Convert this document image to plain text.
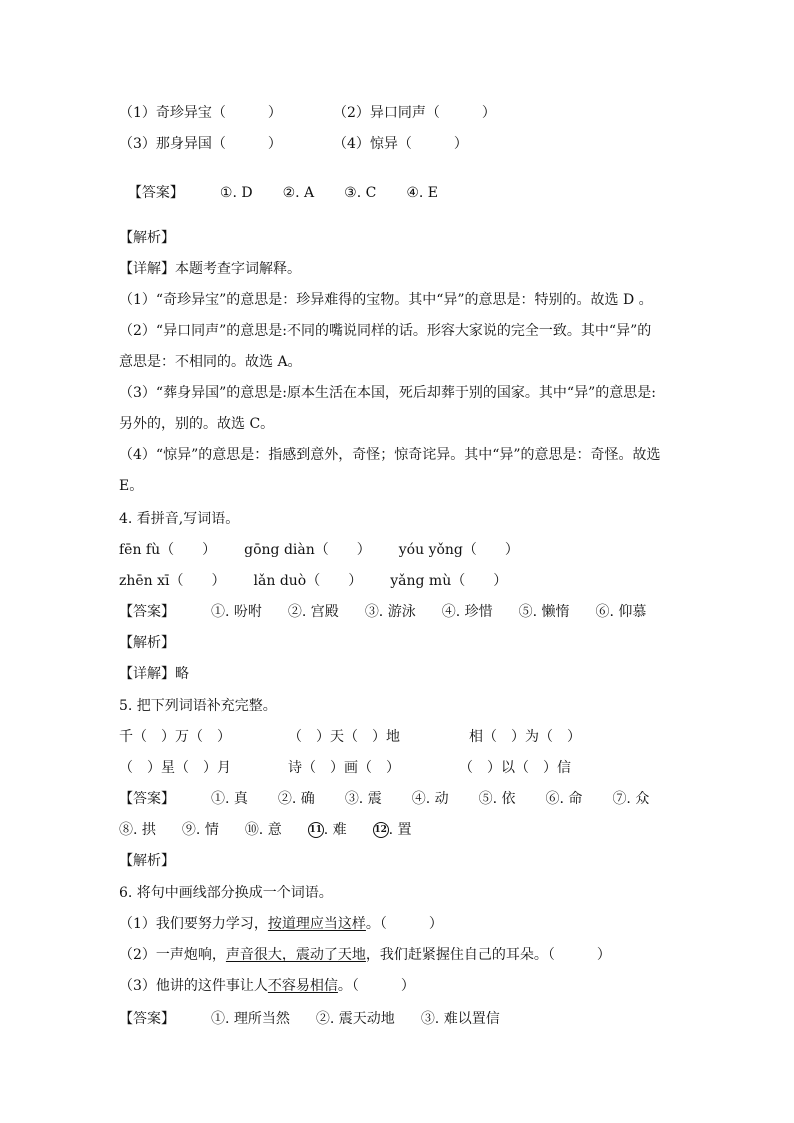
（1）奇珍异宝（　　　）	（2）异口同声（　　　）
（3）那身异国（　　　）	（4）惊异（　　　）

【答案】	①. D ②. A ③. C ④. E

【解析】
【详解】本题考查字词解释。
（1）“奇珍异宝”的意思是：珍异难得的宝物。其中“异”的意思是：特别的。故选 D 。
（2）“异口同声”的意思是:不同的嘴说同样的话。形容大家说的完全一致。其中“异”的
意思是：不相同的。故选 A。
（3）“葬身异国”的意思是:原本生活在本国，死后却葬于别的国家。其中“异”的意思是:
另外的，别的。故选 C。
（4）“惊异”的意思是：指感到意外，奇怪；惊奇诧异。其中“异”的意思是：奇怪。故选
E。
4. 看拼音,写词语。
fēn fù（　　） gōng diàn（　　） yóu yǒng（　　）
zhēn xī（　　） lǎn duò（　　） yǎng mù（　　）
【答案】	①. 吩咐 ②. 宫殿 ③. 游泳 ④. 珍惜 ⑤. 懒惰 ⑥. 仰慕
【解析】
【详解】略
5. 把下列词语补充完整。
千（　）万（　）	（　）天（　）地	相（　）为（　）
（　）星（　）月	诗（　）画（　）	（　）以（　）信
【答案】	①. 真 ②. 确 ③. 震 ④. 动 ⑤. 依 ⑥. 命 ⑦. 众
⑧. 拱 ⑨. 情 ⑩. 意	11 . 难	12 . 置
【解析】
6. 将句中画线部分换成一个词语。
（1）我们要努力学习，按道理应当这样。（　　　）
（2）一声炮响，声音很大，震动了天地，我们赶紧握住自己的耳朵。（　　　）
（3）他讲的这件事让人不容易相信。（　　　）
【答案】	①. 理所当然 ②. 震天动地 ③. 难以置信
